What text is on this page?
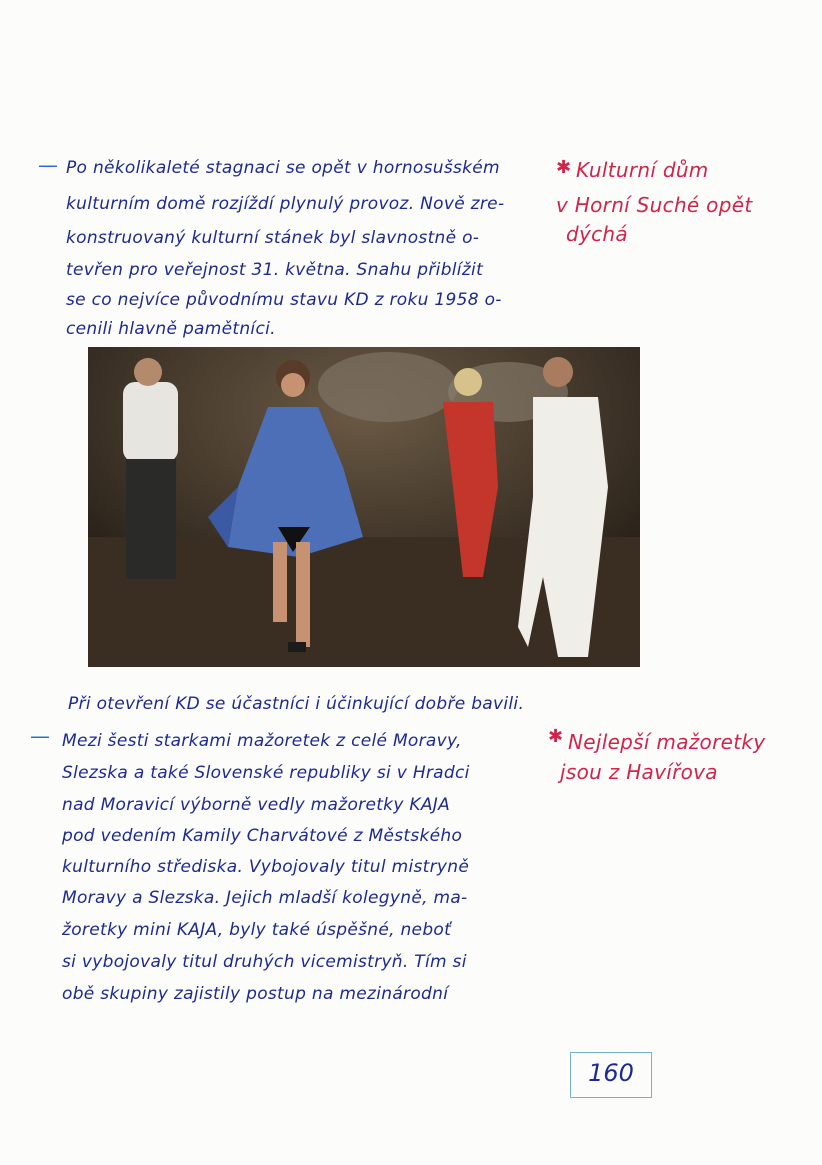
—	✱
Po několikaleté stagnaci se opět v hornosušském
kulturním domě rozjíždí plynulý provoz. Nově zre-
konstruovaný kulturní stánek byl slavnostně o-
tevřen pro veřejnost 31. května. Snahu přiblížit
se co nejvíce původnímu stavu KD z roku 1958 o-
cenili hlavně pamětníci.
Kulturní dům
v Horní Suché opět
dýchá
Při otevření KD se účastníci i účinkující dobře bavili.
—	✱
Mezi šesti starkami mažoretek z celé Moravy,
Slezska a také Slovenské republiky si v Hradci
nad Moravicí výborně vedly mažoretky KAJA
pod vedením Kamily Charvátové z Městského
kulturního střediska. Vybojovaly titul mistryně
Moravy a Slezska. Jejich mladší kolegyně, ma-
žoretky mini KAJA, byly také úspěšné, neboť
si vybojovaly titul druhých vicemistryň. Tím si
obě skupiny zajistily postup na mezinárodní
Nejlepší mažoretky
jsou z Havířova
160
